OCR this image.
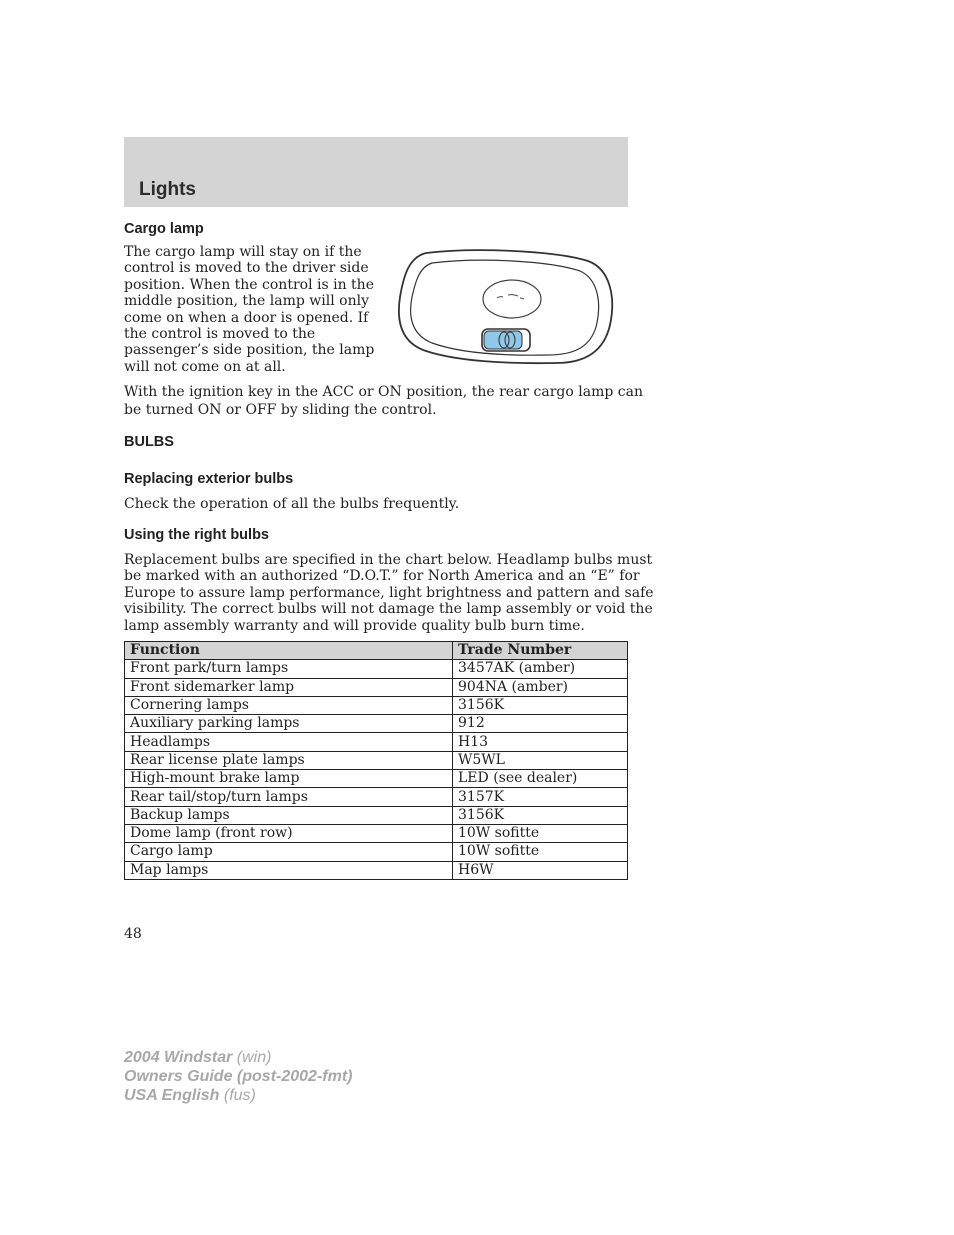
Lights
Cargo lamp
The cargo lamp will stay on if the
control is moved to the driver side
position. When the control is in the
middle position, the lamp will only
come on when a door is opened. If
the control is moved to the
passenger’s side position, the lamp
will not come on at all.
With the ignition key in the ACC or ON position, the rear cargo lamp can
be turned ON or OFF by sliding the control.
BULBS
Replacing exterior bulbs
Check the operation of all the bulbs frequently.
Using the right bulbs
Replacement bulbs are specified in the chart below. Headlamp bulbs must
be marked with an authorized “D.O.T.” for North America and an “E” for
Europe to assure lamp performance, light brightness and pattern and safe
visibility. The correct bulbs will not damage the lamp assembly or void the
lamp assembly warranty and will provide quality bulb burn time.
Function	Trade Number
Front park/turn lamps	3457AK (amber)
Front sidemarker lamp	904NA (amber)
Cornering lamps	3156K
Auxiliary parking lamps	912
Headlamps	H13
Rear license plate lamps	W5WL
High-mount brake lamp	LED (see dealer)
Rear tail/stop/turn lamps	3157K
Backup lamps	3156K
Dome lamp (front row)	10W sofitte
Cargo lamp	10W sofitte
Map lamps	H6W
48
2004 Windstar (win)
Owners Guide (post-2002-fmt)
USA English (fus)
